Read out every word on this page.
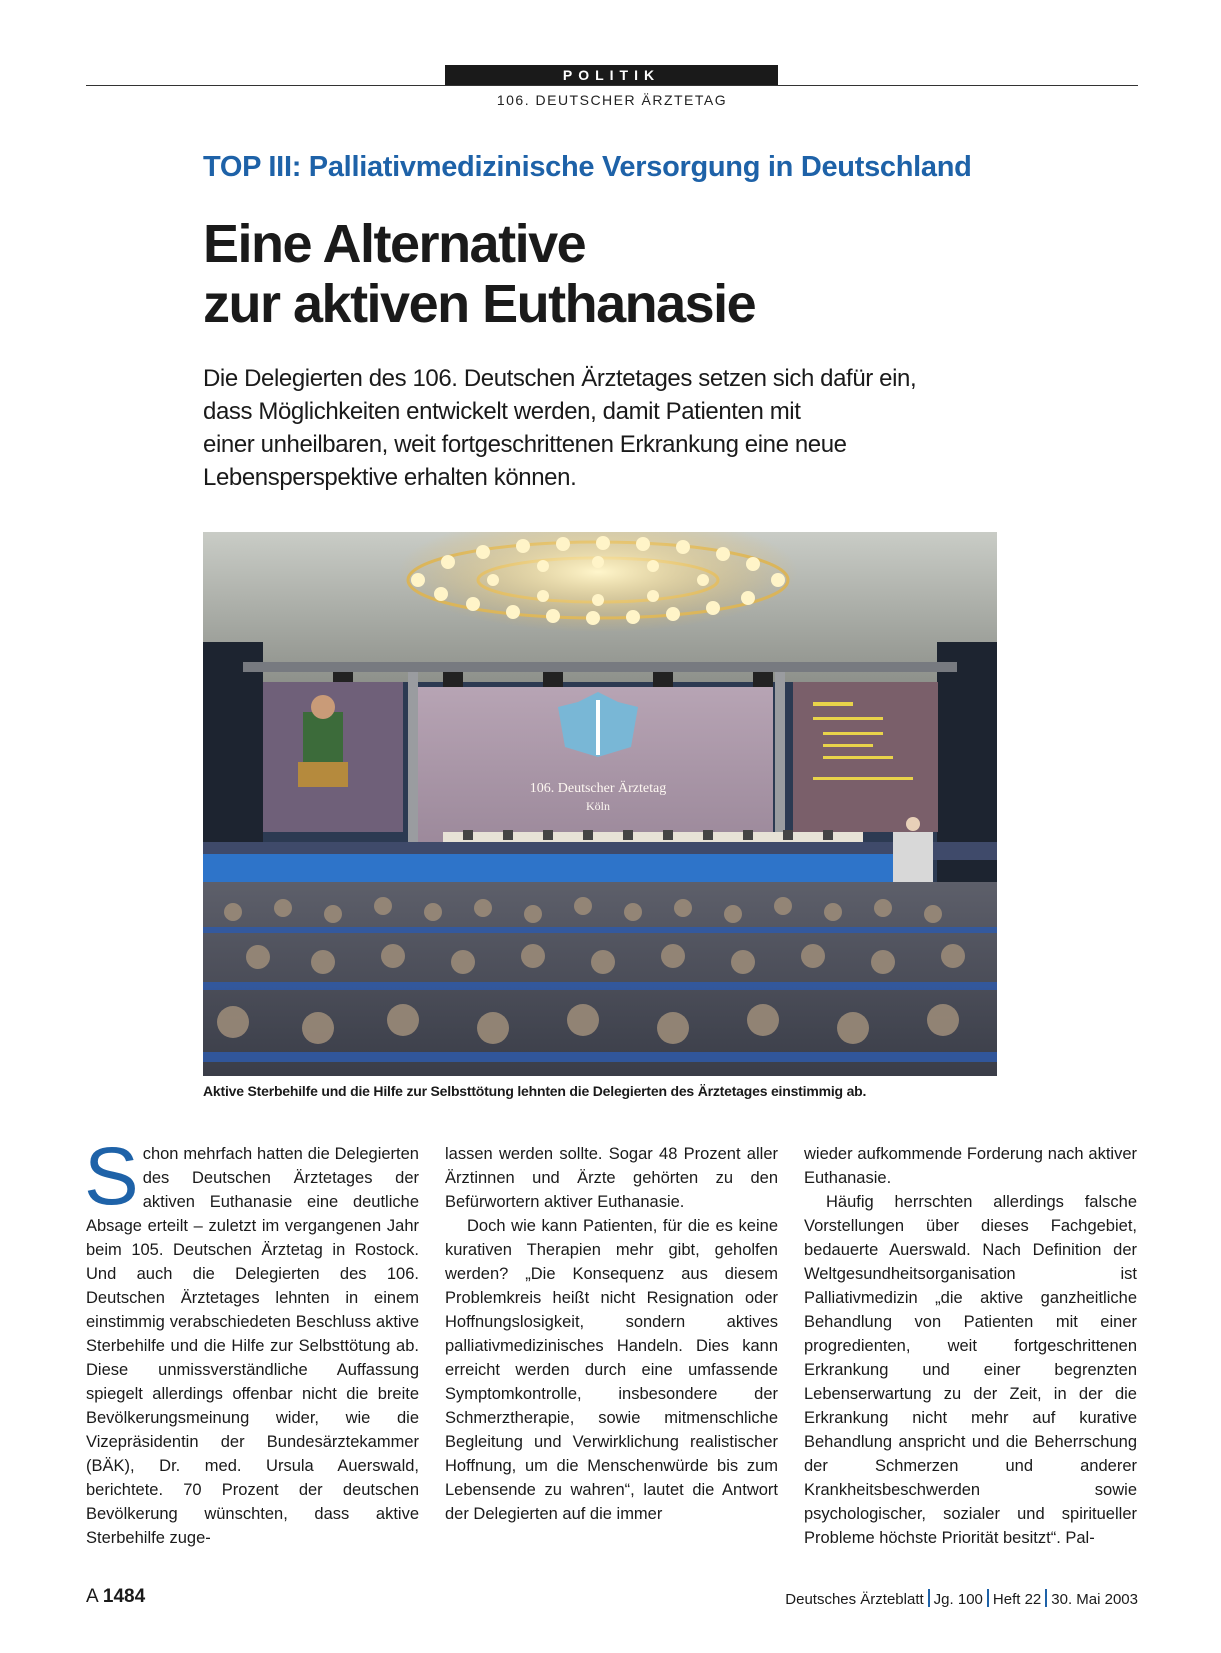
POLITIK
106. DEUTSCHER ÄRZTETAG
TOP III: Palliativmedizinische Versorgung in Deutschland
Eine Alternative
zur aktiven Euthanasie
Die Delegierten des 106. Deutschen Ärztetages setzen sich dafür ein,
dass Möglichkeiten entwickelt werden, damit Patienten mit
einer unheilbaren, weit fortgeschrittenen Erkrankung eine neue
Lebensperspektive erhalten können.
106. Deutscher Ärztetag
Köln
Aktive Sterbehilfe und die Hilfe zur Selbsttötung lehnten die Delegierten des Ärztetages einstimmig ab.

Schon mehrfach hatten die Delegierten des Deutschen Ärztetages der aktiven Euthanasie eine deutliche Absage erteilt – zuletzt im vergangenen Jahr beim 105. Deutschen Ärztetag in Rostock. Und auch die Delegierten des 106. Deutschen Ärztetages lehnten in einem einstimmig verabschiedeten Beschluss aktive Sterbehilfe und die Hilfe zur Selbsttötung ab. Diese unmissverständliche Auffassung spiegelt allerdings offenbar nicht die breite Bevölkerungsmeinung wider, wie die Vizepräsidentin der Bundesärztekammer (BÄK), Dr. med. Ursula Auerswald, berichtete. 70 Prozent der deutschen Bevölkerung wünschten, dass aktive Sterbehilfe zuge-

lassen werden sollte. Sogar 48 Prozent aller Ärztinnen und Ärzte gehörten zu den Befürwortern aktiver Euthanasie.

Doch wie kann Patienten, für die es keine kurativen Therapien mehr gibt, geholfen werden? „Die Konsequenz aus diesem Problemkreis heißt nicht Resignation oder Hoffnungslosigkeit, sondern aktives palliativmedizinisches Handeln. Dies kann erreicht werden durch eine umfassende Symptomkontrolle, insbesondere der Schmerztherapie, sowie mitmenschliche Begleitung und Verwirklichung realistischer Hoffnung, um die Menschenwürde bis zum Lebensende zu wahren“, lautet die Antwort der Delegierten auf die immer

wieder aufkommende Forderung nach aktiver Euthanasie.

Häufig herrschten allerdings falsche Vorstellungen über dieses Fachgebiet, bedauerte Auerswald. Nach Definition der Weltgesundheitsorganisation ist Palliativmedizin „die aktive ganzheitliche Behandlung von Patienten mit einer progredienten, weit fortgeschrittenen Erkrankung und einer begrenzten Lebenserwartung zu der Zeit, in der die Erkrankung nicht mehr auf kurative Behandlung anspricht und die Beherrschung der Schmerzen und anderer Krankheitsbeschwerden sowie psychologischer, sozialer und spiritueller Probleme höchste Priorität besitzt“. Pal-

A 1484	Deutsches Ärzteblatt Jg. 100 Heft 22 30. Mai 2003
